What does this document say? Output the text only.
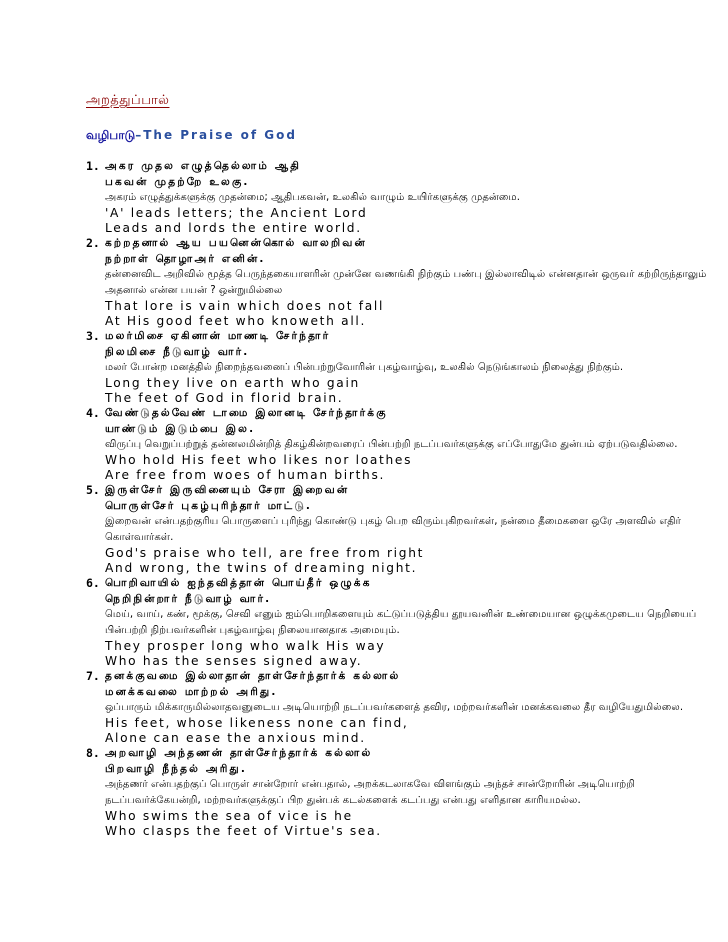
அறத்துப்பால்
வழிபாடு–The Praise of God
1. அகர முதல எழுத்தெல்லாம் ஆதி
பகவன் முதற்றே உலகு.
அகரம் எழுத்துக்களுக்கு முதன்மை; ஆதிபகவன், உலகில் வாழும் உயிர்களுக்கு முதன்மை.
'A' leads letters; the Ancient Lord
Leads and lords the entire world.
2. கற்றதனால் ஆய பயனென்கொல் வாலறிவன்
நற்றாள் தொழாஅர் எனின்.
தன்னைவிட அறிவில் மூத்த பெருந்தகையாளரின் முன்னே வணங்கி நிற்கும் பண்பு இல்லாவிடில் என்னதான் ஒருவர் கற்றிருந்தாலும் அதனால் என்ன பயன் ? ஒன்றுமில்லை
That lore is vain which does not fall
At His good feet who knoweth all.
3. மலர்மிசை ஏகினான் மாணடி சேர்ந்தார்
நிலமிசை நீடுவாழ் வார்.
மலர் போன்ற மனத்தில் நிறைந்தவனைப் பின்பற்றுவோரின் புகழ்வாழ்வு, உலகில் நெடுங்காலம் நிலைத்து நிற்கும்.
Long they live on earth who gain
The feet of God in florid brain.
4. வேண்டுதல்வேண் டாமை இலானடி சேர்ந்தார்க்கு
யாண்டும் இடும்பை இல.
விருப்பு வெறுப்பற்றுத் தன்னலமின்றித் திகழ்கின்றவரைப் பின்பற்றி நடப்பவர்களுக்கு எப்போதுமே துன்பம் ஏற்படுவதில்லை.
Who hold His feet who likes nor loathes
Are free from woes of human births.
5. இருள்சேர் இருவினையும் சேரா இறைவன்
பொருள்சேர் புகழ்புரிந்தார் மாட்டு.
இறைவன் என்பதற்குரிய பொருளைப் புரிந்து கொண்டு புகழ் பெற விரும்புகிறவர்கள், நன்மை தீமைகளை ஒரே அளவில் எதிர் கொள்வார்கள்.
God's praise who tell, are free from right
And wrong, the twins of dreaming night.
6. பொறிவாயில் ஐந்தவித்தான் பொய்தீர் ஒழுக்க
நெறிநின்றார் நீடுவாழ் வார்.
மெய், வாய், கண், மூக்கு, செவி எனும் ஐம்பொறிகளையும் கட்டுப்படுத்திய தூயவனின் உண்மையான ஒழுக்கமுடைய நெறியைப் பின்பற்றி நிற்பவர்களின் புகழ்வாழ்வு நிலையானதாக அமையும்.
They prosper long who walk His way
Who has the senses signed away.
7. தனக்குவமை இல்லாதான் தாள்சேர்ந்தார்க் கல்லால்
மனக்கவலை மாற்றல் அரிது.
ஒப்பாரும் மிக்காருமில்லாதவனுடைய அடியொற்றி நடப்பவர்களைத் தவிர, மற்றவர்களின் மனக்கவலை தீர வழியேதுமில்லை.
His feet, whose likeness none can find,
Alone can ease the anxious mind.
8. அறவாழி அந்தணன் தாள்சேர்ந்தார்க் கல்லால்
பிறவாழி நீந்தல் அரிது.
அந்தணர் என்பதற்குப் பொருள் சான்றோர் என்பதால், அறக்கடலாகவே விளங்கும் அந்தச் சான்றோரின் அடியொற்றி நடப்பவர்க்கேயன்றி, மற்றவர்களுக்குப் பிற துன்பக் கடல்களைக் கடப்பது என்பது எளிதான காரியமல்ல.
Who swims the sea of vice is he
Who clasps the feet of Virtue's sea.
